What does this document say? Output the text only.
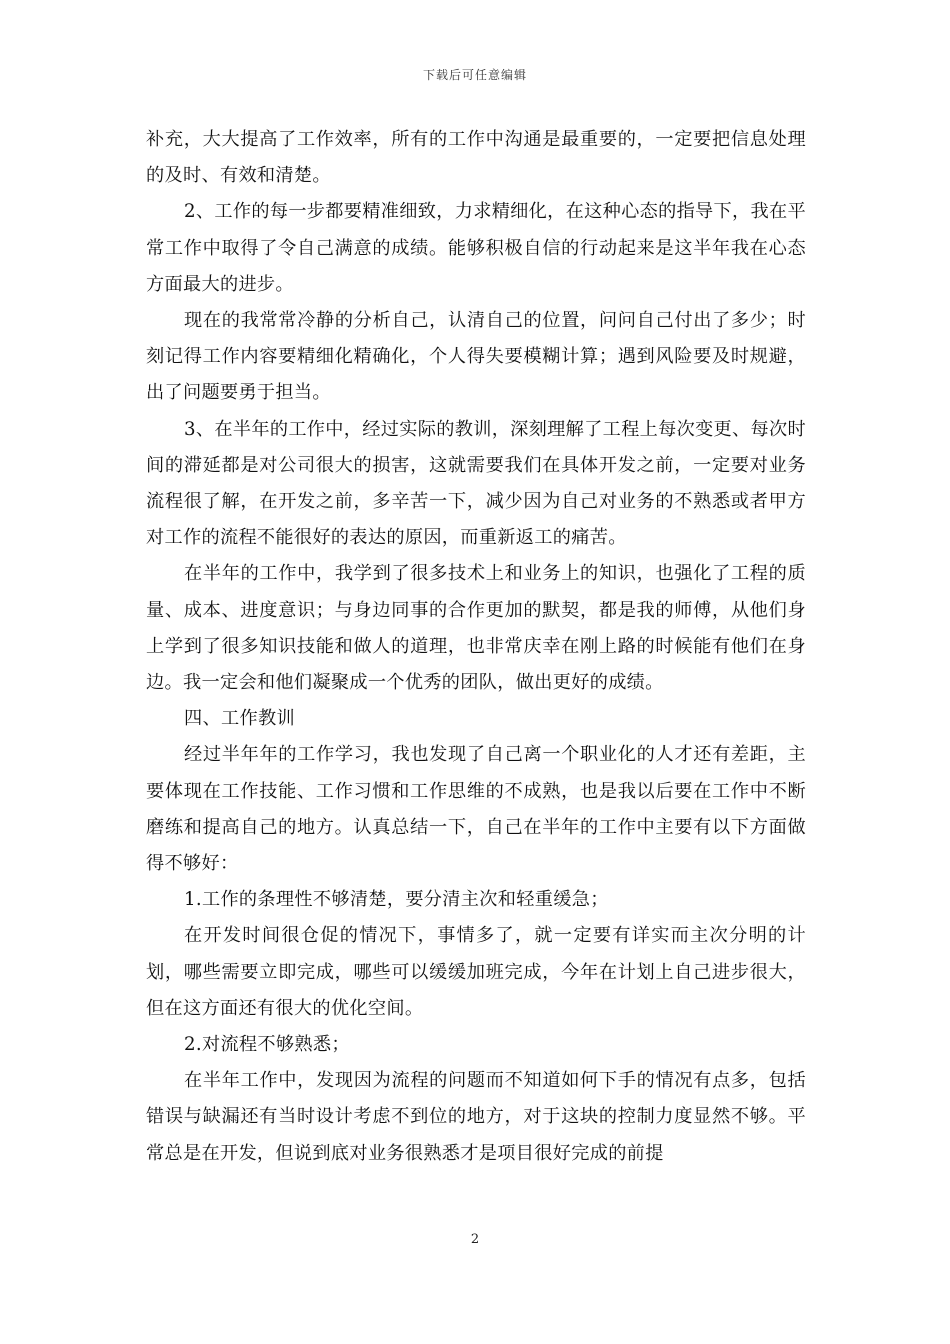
下载后可任意编辑

补充，大大提高了工作效率，所有的工作中沟通是最重要的，一定要把信息处理的及时、有效和清楚。

2、工作的每一步都要精准细致，力求精细化，在这种心态的指导下，我在平常工作中取得了令自己满意的成绩。能够积极自信的行动起来是这半年我在心态方面最大的进步。

现在的我常常冷静的分析自己，认清自己的位置，问问自己付出了多少；时刻记得工作内容要精细化精确化，个人得失要模糊计算；遇到风险要及时规避，出了问题要勇于担当。

3、在半年的工作中，经过实际的教训，深刻理解了工程上每次变更、每次时间的滞延都是对公司很大的损害，这就需要我们在具体开发之前，一定要对业务流程很了解，在开发之前，多辛苦一下，减少因为自己对业务的不熟悉或者甲方对工作的流程不能很好的表达的原因，而重新返工的痛苦。

在半年的工作中，我学到了很多技术上和业务上的知识，也强化了工程的质量、成本、进度意识；与身边同事的合作更加的默契，都是我的师傅，从他们身上学到了很多知识技能和做人的道理，也非常庆幸在刚上路的时候能有他们在身边。我一定会和他们凝聚成一个优秀的团队，做出更好的成绩。

四、工作教训

经过半年年的工作学习，我也发现了自己离一个职业化的人才还有差距，主要体现在工作技能、工作习惯和工作思维的不成熟，也是我以后要在工作中不断磨练和提高自己的地方。认真总结一下，自己在半年的工作中主要有以下方面做得不够好：

1.工作的条理性不够清楚，要分清主次和轻重缓急；

在开发时间很仓促的情况下，事情多了，就一定要有详实而主次分明的计划，哪些需要立即完成，哪些可以缓缓加班完成，今年在计划上自己进步很大，但在这方面还有很大的优化空间。

2.对流程不够熟悉；

在半年工作中，发现因为流程的问题而不知道如何下手的情况有点多，包括错误与缺漏还有当时设计考虑不到位的地方，对于这块的控制力度显然不够。平常总是在开发，但说到底对业务很熟悉才是项目很好完成的前提

2
